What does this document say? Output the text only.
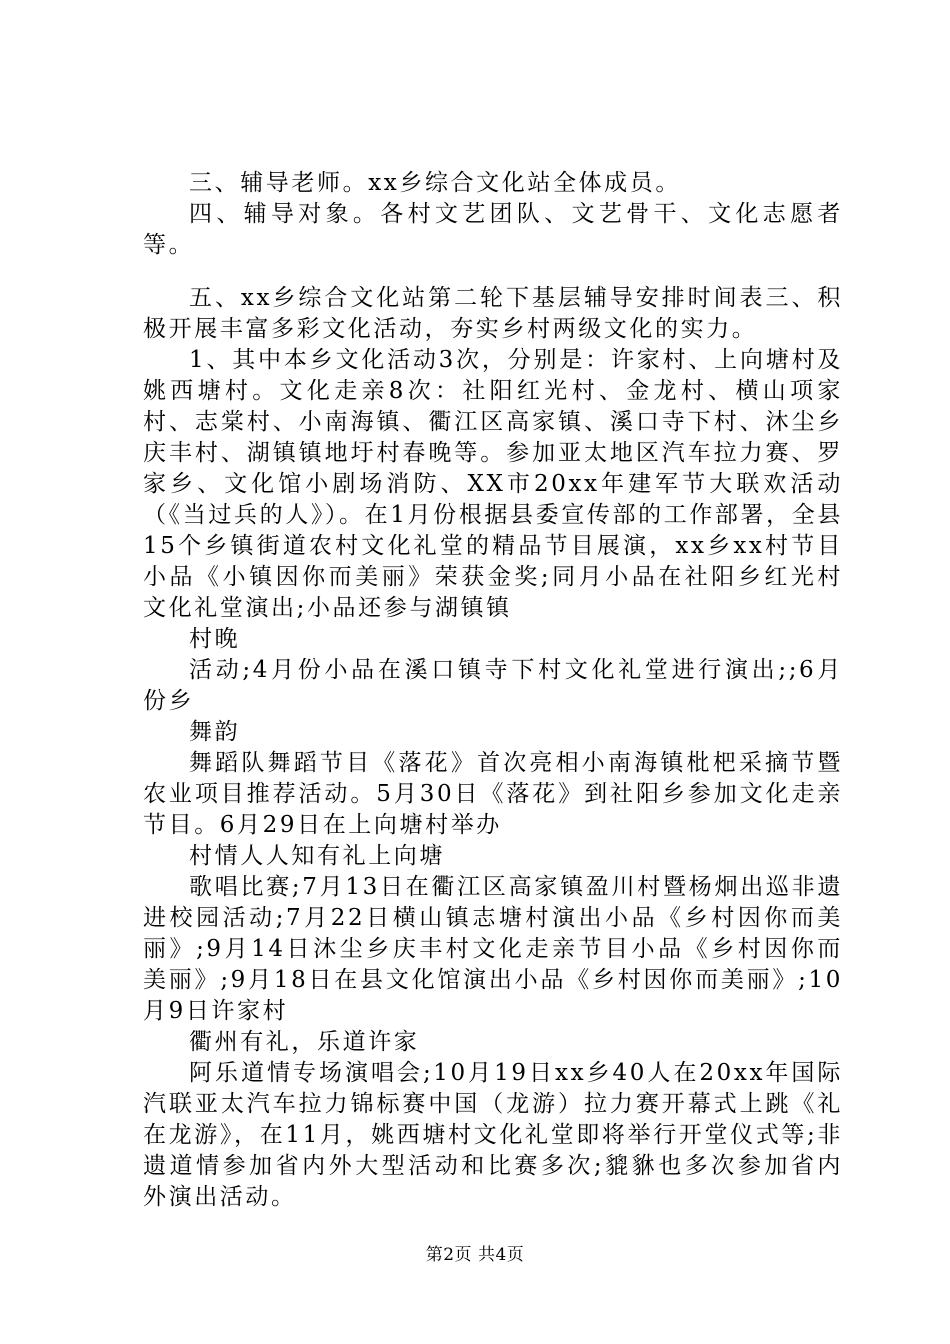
三、辅导老师。xx乡综合文化站全体成员。

四、辅导对象。各村文艺团队、文艺骨干、文化志愿者等。

五、xx乡综合文化站第二轮下基层辅导安排时间表三、积极开展丰富多彩文化活动，夯实乡村两级文化的实力。

1、其中本乡文化活动3次，分别是：许家村、上向塘村及姚西塘村。文化走亲8次：社阳红光村、金龙村、横山项家村、志棠村、小南海镇、衢江区高家镇、溪口寺下村、沐尘乡庆丰村、湖镇镇地圩村春晚等。参加亚太地区汽车拉力赛、罗家乡、文化馆小剧场消防、XX市20xx年建军节大联欢活动（《当过兵的人》）。在1月份根据县委宣传部的工作部署，全县15个乡镇街道农村文化礼堂的精品节目展演，xx乡xx村节目小品《小镇因你而美丽》荣获金奖;同月小品在社阳乡红光村文化礼堂演出;小品还参与湖镇镇

村晚

活动;4月份小品在溪口镇寺下村文化礼堂进行演出;;6月份乡

舞韵

舞蹈队舞蹈节目《落花》首次亮相小南海镇枇杷采摘节暨农业项目推荐活动。5月30日《落花》到社阳乡参加文化走亲节目。6月29日在上向塘村举办

村情人人知有礼上向塘

歌唱比赛;7月13日在衢江区高家镇盈川村暨杨炯出巡非遗进校园活动;7月22日横山镇志塘村演出小品《乡村因你而美丽》;9月14日沐尘乡庆丰村文化走亲节目小品《乡村因你而美丽》;9月18日在县文化馆演出小品《乡村因你而美丽》;10月9日许家村

衢州有礼，乐道许家

阿乐道情专场演唱会;10月19日xx乡40人在20xx年国际汽联亚太汽车拉力锦标赛中国（龙游）拉力赛开幕式上跳《礼在龙游》，在11月，姚西塘村文化礼堂即将举行开堂仪式等;非遗道情参加省内外大型活动和比赛多次;貔貅也多次参加省内外演出活动。

第2页 共4页
